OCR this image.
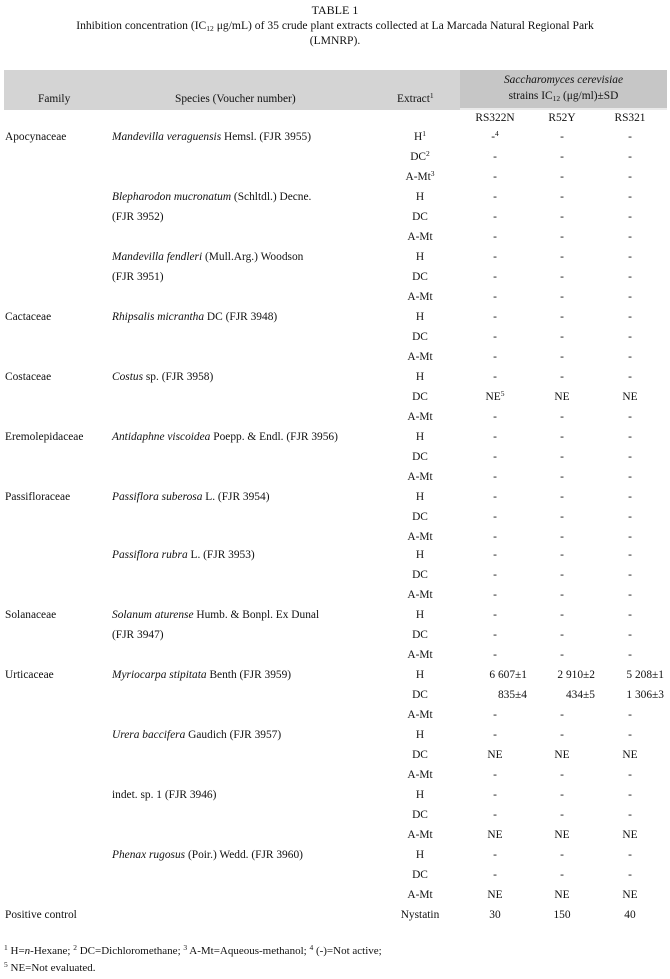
TABLE 1
Inhibition concentration ($IC_{12}$ μg/mL) of 35 crude plant extracts collected at La Marcada Natural Regional Park
(LMNRP).
Family	Species (Voucher number)	Extract$^1$
Saccharomyces cerevisiae
strains $IC_{12}$ (μg/ml)±SD
RS322N	R52Y	RS321
Apocynaceae	Mandevilla veraguensis Hemsl. (FJR 3955)	$H^1$	-$^4$	-	-
$DC^2$	-	-	-
A-Mt$^3$	-	-	-
Blepharodon mucronatum (Schltdl.) Decne.	H	-	-	-
(FJR 3952)	DC	-	-	-
A-Mt	-	-	-
Mandevilla fendleri (Mull.Arg.) Woodson	H	-	-	-
(FJR 3951)	DC	-	-	-
A-Mt	-	-	-
Cactaceae	Rhipsalis micrantha DC (FJR 3948)	H	-	-	-
DC	-	-	-
A-Mt	-	-	-
Costaceae	Costus sp. (FJR 3958)	H	-	-	-
DC	$NE^5$	NE	NE
A-Mt	-	-	-
Eremolepidaceae	Antidaphne viscoidea Poepp. & Endl. (FJR 3956)	H	-	-	-
DC	-	-	-
A-Mt	-	-	-
Passifloraceae	Passiflora suberosa L. (FJR 3954)	H	-	-	-
DC	-	-	-
A-Mt	-	-	-
Passiflora rubra L. (FJR 3953)	H	-	-	-
DC	-	-	-
A-Mt	-	-	-
Solanaceae	Solanum aturense Humb. & Bonpl. Ex Dunal	H	-	-	-
(FJR 3947)	DC	-	-	-
A-Mt	-	-	-
Urticaceae	Myriocarpa stipitata Benth (FJR 3959)	H	6 607±1	2 910±2	5 208±1
DC	835±4	434±5	1 306±3
A-Mt	-	-	-
Urera baccifera Gaudich (FJR 3957)	H	-	-	-
DC	NE	NE	NE
A-Mt	-	-	-
indet. sp. 1 (FJR 3946)	H	-	-	-
DC	-	-	-
A-Mt	NE	NE	NE
Phenax rugosus (Poir.) Wedd. (FJR 3960)	H	-	-	-
DC	-	-	-
A-Mt	NE	NE	NE
Positive control	Nystatin	30	150	40
$^1$ H=n-Hexane; $^2$ DC=Dichloromethane; $^3$ A-Mt=Aqueous-methanol; $^4$ (-)=Not active;
$^5$ NE=Not evaluated.
